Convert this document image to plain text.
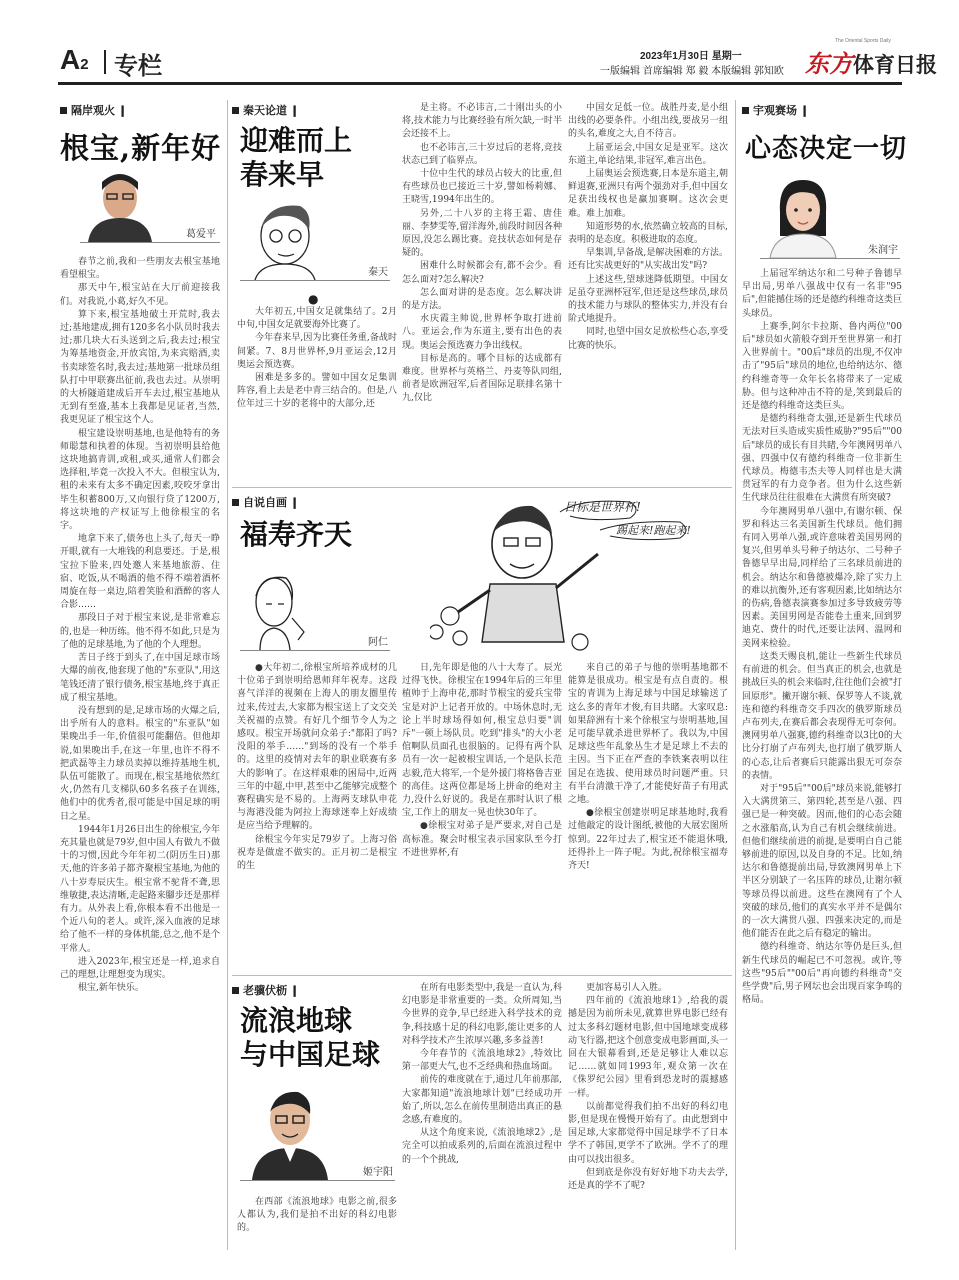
A2 专栏	2023年1月30日 星期一
一版编辑 首席编辑 郑 毅 本版编辑 郭知欧
The Oriental Sports Daily
东方体育日报
隔岸观火 ❙
根宝,新年好
葛爱平

春节之前,我和一些朋友去根宝基地看望根宝。

那天中午,根宝站在大厅前迎接我们。对我说,小葛,好久不见。

算下来,根宝基地破土开荒时,我去过;基地建成,拥有120多名小队员时我去过;那几块大石头送到之后,我去过;根宝为筹基地资金,开放宾馆,为来宾赔酒,卖书卖球签名时,我去过;基地第一批球员组队打中甲联赛出征前,我也去过。从崇明的大桥隧道建成后开车去过,根宝基地从无到有至盛,基本上我都是见证者,当然,我更见证了根宝这个人。

根宝建设崇明基地,也是他特有的务师聪慧和执着的体现。当初崇明县给他这块地搞青训,或租,或买,通常人们都会选择租,毕竟一次投入不大。但根宝认为,租的未来有太多不确定因素,咬咬牙拿出毕生积蓄800万,又向银行贷了1200万,将这块地的产权证写上他徐根宝的名字。

地拿下来了,债务也上头了,每天一睁开眼,就有一大堆钱的利息要还。于是,根宝拉下脸来,四处邀人来基地旅游、住宿、吃饭,从不喝酒的他不得不端着酒杯周旋在每一桌边,陪着笑脸和酒醉的客人合影……

那段日子对于根宝来说,是非常难忘的,也是一种历练。他不得不如此,只是为了他的足球基地,为了他的个人理想。

苦日子终于到头了,在中国足球市场大爆的前夜,他套现了他的"东亚队",用这笔钱还清了银行债务,根宝基地,终于真正成了根宝基地。

没有想到的是,足球市场的火爆之后,出乎所有人的意料。根宝的"东亚队"如果晚出手一年,价值很可能翻倍。但他却说,如果晚出手,在这一年里,也许不得不把武磊等主力球员卖掉以维持基地生机,队伍可能散了。而现在,根宝基地依然红火,仍然有几支梯队60多名孩子在训练,他们中的优秀者,很可能是中国足球的明日之星。

1944年1月26日出生的徐根宝,今年充其量也就是79岁,但中国人有做九不做十的习惯,因此今年年初二(阴历生日)那天,他的许多弟子都齐聚根宝基地,为他的八十岁寿辰庆生。根宝常不驼背不聋,思维敏捷,表达清晰,走起路来腳步还是那样有力。从外表上看,你根本看不出他是一个近八旬的老人。或许,深入血液的足球给了他不一样的身体机能,总之,他不是个平常人。

进入2023年,根宝还是一样,追求自己的理想,让理想变为现实。

根宝,新年快乐。

秦天论道 ❙
迎难而上
春来早
秦天
●

大年初五,中国女足就集结了。2月中旬,中国女足就要海外比赛了。

今年春来早,因为比赛任务重,备战时间紧。7、8月世界杯,9月亚运会,12月奥运会预选赛。

困难是多多的。譬如中国女足集训阵容,看上去是老中青三结合的。但是,八位年过三十岁的老将中的大部分,还

是主将。不必讳言,二十刚出头的小将,技术能力与比赛经验有所欠缺,一时半会还接不上。

也不必讳言,三十岁过后的老将,竞技状态已到了临界点。

十位中生代的球员占较大的比重,但有些球员也已接近三十岁,譬如杨莉娜、王晓雪,1994年出生的。

另外,二十八岁的主将王霜、唐佳丽、李梦雯等,留洋海外,前段时间因各种原因,没怎么踢比赛。竞技状态如何是存疑的。

困难什么时候都会有,都不会少。看怎么面对?怎么解决?

怎么面对讲的是态度。怎么解决讲的是方法。

水庆霞主帅说,世界杯争取打进前八。亚运会,作为东道主,要有出色的表现。奥运会预选赛力争出线权。

目标是高的。哪个目标的达成都有难度。世界杯与英格兰、丹麦等队同组,前者是欧洲冠军,后者国际足联排名第十九,仅比

中国女足低一位。战胜丹麦,是小组出线的必要条件。小组出线,要战另一组的头名,难度之大,自不待言。

上届亚运会,中国女足是亚军。这次东道主,单论结果,非冠军,难言出色。

上届奥运会预选赛,日本是东道主,朝鲜退赛,亚洲只有两个强劲对手,但中国女足获出线权也是赢加赛啊。这次会更难。难上加难。

知道形势的水,依然确立较高的目标,表明的是态度。积极进取的态度。

早集训,早备战,是解决困难的方法。还有比实战更好的"从实战出发"吗?

上述这些,望球迷降低期望。中国女足虽夺亚洲杯冠军,但还是这些球员,球员的技术能力与球队的整体实力,并没有台阶式地提升。

同时,也望中国女足放松些心态,享受比赛的快乐。

自说自画 ❙
福寿齐天
阿仁
目标是世界杯!
踢起来!跑起来!

●大年初二,徐根宝所培养成材的几十位弟子到崇明给恩师拜年祝寿。这段喜气洋洋的视频在上海人的朋友圈里传过来,传过去,大家都为根宝送上了文交关关祝福的点赞。有好几个细节令人为之感叹。根宝开场就问众弟子:"都阳了吗?没阳的举手……"到场的没有一个举手的。这里的疫情对去年的职业联赛有多大的影响了。在这样艰难的困局中,近两三年的中超,中甲,甚至中乙能够完成整个赛程确实是不易的。上海两支球队申花与海港没能为阿拉上海球迷奉上好成绩是应当给予理解的。

徐根宝今年实足79岁了。上海习俗祝寿是做虚不做实的。正月初二是根宝的生

日,先年即是他的八十大寿了。辰光过得飞快。徐根宝在1994年后的三年里植帅于上海申花,那时节根宝的爱兵宝带宝是对沪上记者开放的。中场休息时,无论上半时球场得如何,根宝总归要"训斥"一顿上场队员。吃到"排头"的大小老倌啊队员面孔也很脑的。记得有两个队员有一次一起被根宝训话,一个是队长范志毅,范大将军,一个是外援门将格鲁吉亚的高佳。这两位都是场上拼命的绝对主力,没什么好说的。我是在那时认识了根宝,工作上的朋友一晃也快30年了。

●徐根宝对弟子是严要求,对自己是高标准。聚会时根宝表示国家队至今打不进世界杯,有

来自己的弟子与他的崇明基地都不能算是很成功。根宝是有点自责的。根宝的青训为上海足球与中国足球输送了这么多的青年才俊,有目共睹。大家叹息:如果辞洲有十来个徐根宝与崇明基地,国足可能早就杀进世界杯了。我以为,中国足球这些年乱象丛生才是足球上不去的主因。当下正在严查的李铁案表明以往国足在选拔、使用球员时问题严重。只有半台清激干净了,才能使好苗子有用武之地。

●徐根宝创建崇明足球基地时,我看过他敲定的设计图纸,被他的大展宏图所惊到。22年过去了,根宝还不能退休哦,还得扑上一阵子呢。为此,祝徐根宝福寿齐天!

老骥伏枥 ❙
流浪地球
与中国足球
姬宇阳

在西部《流浪地球》电影之前,很多人都认为,我们是拍不出好的科幻电影的。

在所有电影类型中,我是一直认为,科幻电影是非常重要的一类。众所周知,当今世界的竞争,早已经进入科学技术的竞争,科技感十足的科幻电影,能让更多的人对科学技术产生浓厚兴趣,多多益善!

今年春节的《流浪地球2》,特效比第一部更大气,也不乏经典和热血场面。

前传的难度就在于,通过几年前那部,大家都知道"流浪地球计划"已经成功开始了,所以,怎么在前传里制造出真正的悬念感,有难度的。

从这个角度来说,《流浪地球2》,是完全可以拍成系列的,后面在流浪过程中的一个个挑战,

更加容易引人入胜。

四年前的《流浪地球1》,给我的震撼是因为前所未见,就算世界电影已经有过太多科幻题材电影,但中国地球变成移动飞行器,把这个创意变成电影画面,头一回在大银幕看到,还是足够让人难以忘记……就如同1993年,观众第一次在《侏罗纪公园》里看到恐龙时的震撼感一样。

以前都觉得我们拍不出好的科幻电影,但是现在慢慢开始有了。由此想到中国足球,大家都觉得中国足球学不了日本学不了韩国,更学不了欧洲。学不了的理由可以找出很多。

但到底是你没有好好地下功夫去学,还是真的学不了呢?

宇观赛场 ❙
心态决定一切
朱润宇

上届冠军纳达尔和二号种子鲁德早早出局,男单八强战中仅有一名非"95后",但能撼住场的还是德约科维奇这类巨头球员。

上赛季,阿尔卡拉斯、鲁内两位"00后"球员如火箭般夺到开至世界第一和打入世界前十。"00后"球员的出现,不仅冲击了"95后"球员的地位,也给纳达尔、德约科维奇等一众年长名将带来了一定威胁。但与这种冲击不符的是,笑到最后的还是德约科维奇这类巨头。

是德约科维奇太强,还是新生代球员无法对巨头造成实质性威胁?"95后""00后"球员的成长有目共睹,今年澳网男单八强、四强中仅有德约科维奇一位非新生代球员。梅德韦杰夫等人同样也是大满贯冠军的有力竞争者。但为什么这些新生代球员往往很难在大满贯有所突破?

今年澳网男单八强中,有谢尔顿、保罗和科达三名美国新生代球员。他们拥有同入男单八强,或许意味着美国男网的复兴,但男单头号种子纳达尔、二号种子鲁德早早出局,同样给了三名球员前进的机会。纳达尔和鲁德被爆冷,除了实力上的难以抗衡外,还有客观因素,比如纳达尔的伤病,鲁德表演赛参加过多导致疲劳等因素。美国男网是否能卷土重来,回到罗迪克、费什的时代,还要让法网、温网和美网来检验。

这类天赐良机,能让一些新生代球员有前进的机会。但当真正的机会,也就是挑战巨头的机会来临时,往往他们会被"打回原形"。撇开谢尔顿、保罗等人不谈,就连和德约科维奇交手四次的俄罗斯球员卢布列夫,在赛后都会表现得无可奈何。澳网男单八强赛,德约科维奇以3比0的大比分打崩了卢布列夫,也打崩了俄罗斯人的心态,让后者赛后只能露出狠无可奈奈的表情。

对于"95后""00后"球员来说,能够打入大满贯第三、第四轮,甚至是八强、四强已是一种突破。因而,他们的心态会随之水涨船高,认为自己有机会继续前进。但他们继续前进的前提,是要明白自己能够前进的原因,以及自身的不足。比如,纳达尔和鲁德提前出局,导致澳网男单上下半区分别缺了一名压阵的球员,让谢尔顿等球员得以前进。这些在澳网有了个人突破的球员,他们的真实水平并不是偶尔的一次大满贯八强、四强来决定的,而是他们能否在此之后有稳定的输出。

德约科维奇、纳达尔等仍是巨头,但新生代球员的崛起已不可忽视。或许,等这些"95后""00后"再向德约科维奇"交些学费"后,男子网坛也会出现百家争鸣的格局。
